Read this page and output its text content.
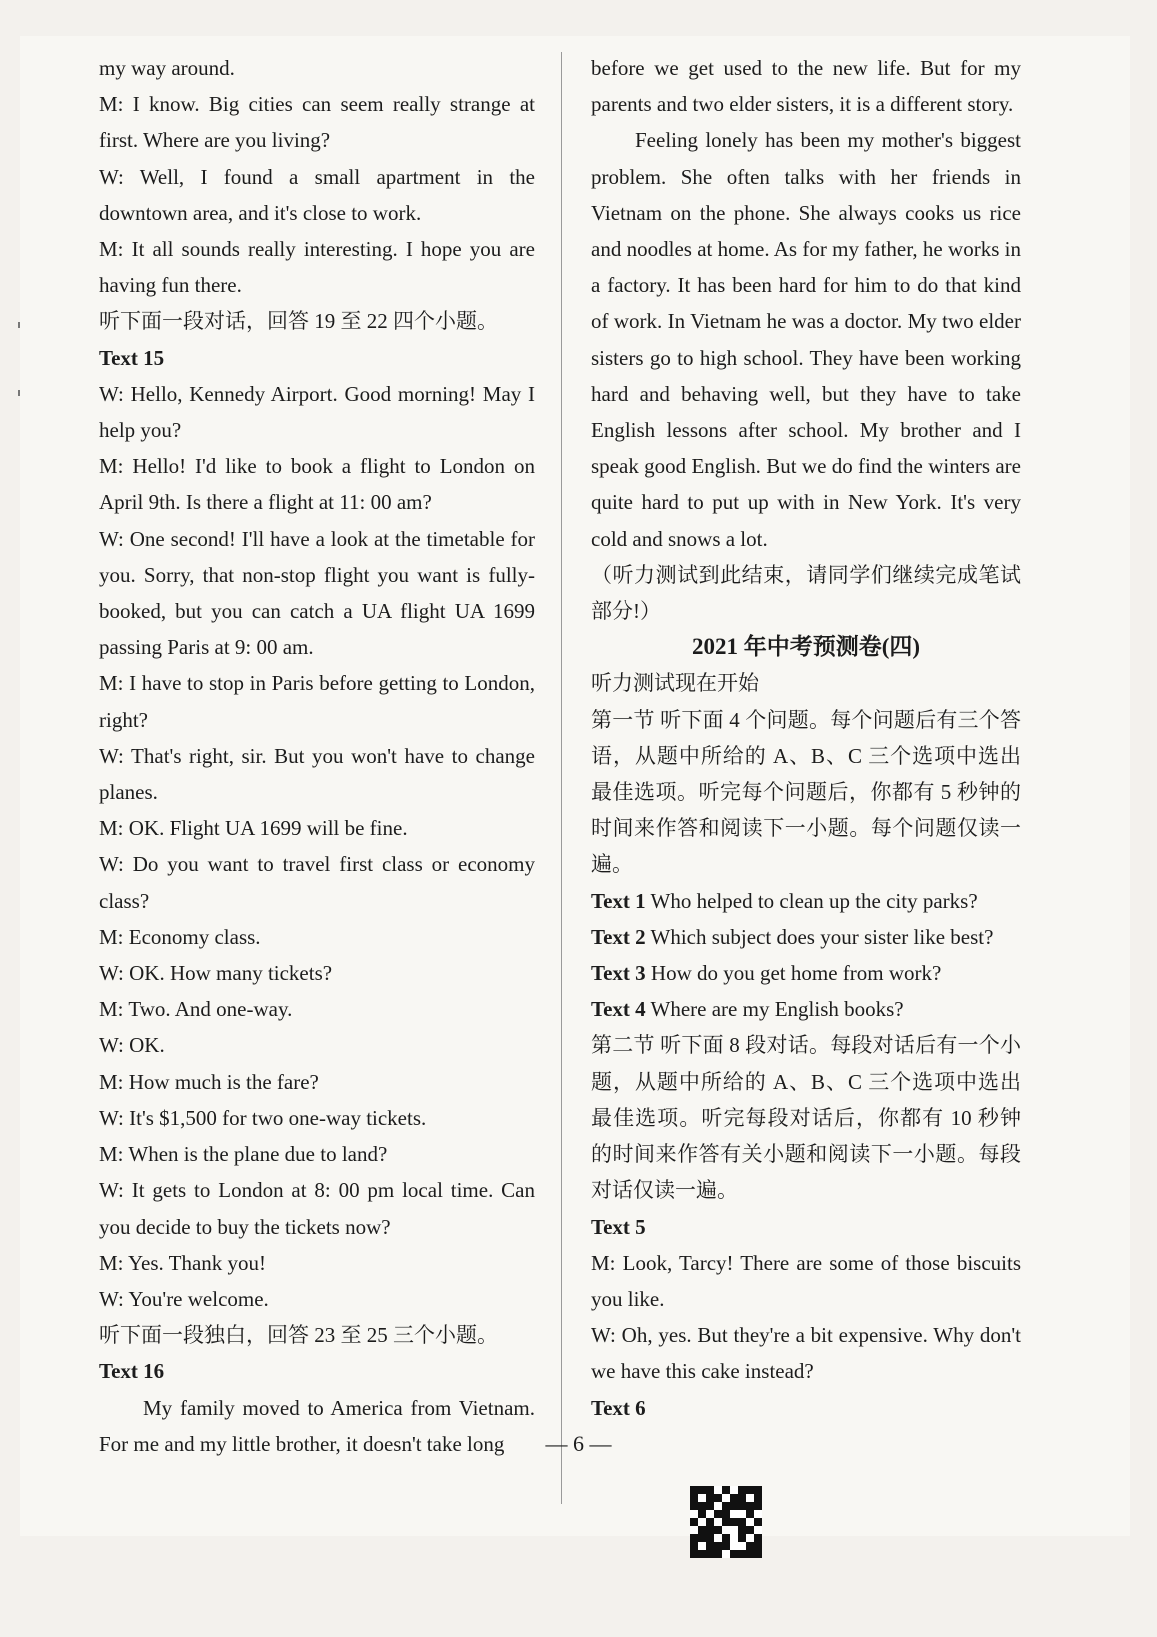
my way around.

M: I know. Big cities can seem really strange at first. Where are you living?

W: Well, I found a small apartment in the downtown area, and it's close to work.

M: It all sounds really interesting. I hope you are having fun there.

听下面一段对话，回答 19 至 22 四个小题。

Text 15

W: Hello, Kennedy Airport. Good morning! May I help you?

M: Hello! I'd like to book a flight to London on April 9th. Is there a flight at 11: 00 am?

W: One second! I'll have a look at the timetable for you. Sorry, that non-stop flight you want is fully-booked, but you can catch a UA flight UA 1699 passing Paris at 9: 00 am.

M: I have to stop in Paris before getting to London, right?

W: That's right, sir. But you won't have to change planes.

M: OK. Flight UA 1699 will be fine.

W: Do you want to travel first class or economy class?

M: Economy class.

W: OK. How many tickets?

M: Two. And one-way.

W: OK.

M: How much is the fare?

W: It's $1,500 for two one-way tickets.

M: When is the plane due to land?

W: It gets to London at 8: 00 pm local time. Can you decide to buy the tickets now?

M: Yes. Thank you!

W: You're welcome.

听下面一段独白，回答 23 至 25 三个小题。

Text 16

My family moved to America from Vietnam. For me and my little brother, it doesn't take long

before we get used to the new life. But for my parents and two elder sisters, it is a different story.

Feeling lonely has been my mother's biggest problem. She often talks with her friends in Vietnam on the phone. She always cooks us rice and noodles at home. As for my father, he works in a factory. It has been hard for him to do that kind of work. In Vietnam he was a doctor. My two elder sisters go to high school. They have been working hard and behaving well, but they have to take English lessons after school. My brother and I speak good English. But we do find the winters are quite hard to put up with in New York. It's very cold and snows a lot.

（听力测试到此结束，请同学们继续完成笔试部分!）

2021 年中考预测卷(四)

听力测试现在开始

第一节 听下面 4 个问题。每个问题后有三个答语，从题中所给的 A、B、C 三个选项中选出最佳选项。听完每个问题后，你都有 5 秒钟的时间来作答和阅读下一小题。每个问题仅读一遍。

Text 1 Who helped to clean up the city parks?

Text 2 Which subject does your sister like best?

Text 3 How do you get home from work?

Text 4 Where are my English books?

第二节 听下面 8 段对话。每段对话后有一个小题，从题中所给的 A、B、C 三个选项中选出最佳选项。听完每段对话后，你都有 10 秒钟的时间来作答有关小题和阅读下一小题。每段对话仅读一遍。

Text 5

M: Look, Tarcy! There are some of those biscuits you like.

W: Oh, yes. But they're a bit expensive. Why don't we have this cake instead?

Text 6

— 6 —
